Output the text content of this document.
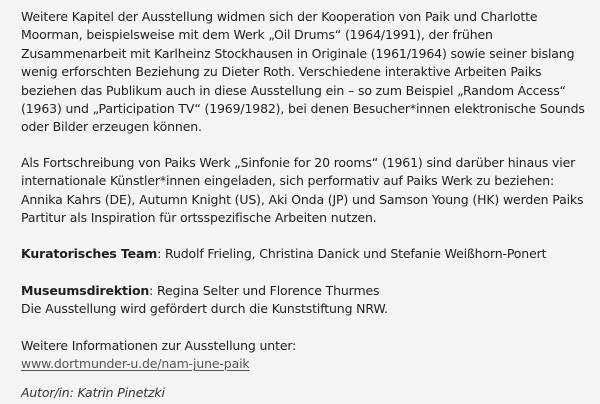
Weitere Kapitel der Ausstellung widmen sich der Kooperation von Paik und Charlotte Moorman, beispielsweise mit dem Werk „Oil Drums“ (1964/1991), der frühen Zusammenarbeit mit Karlheinz Stockhausen in Originale (1961/1964) sowie seiner bislang wenig erforschten Beziehung zu Dieter Roth. Verschiedene interaktive Arbeiten Paiks beziehen das Publikum auch in diese Ausstellung ein – so zum Beispiel „Random Access“ (1963) und „Participation TV“ (1969/1982), bei denen Besucher*innen elektronische Sounds oder Bilder erzeugen können.

Als Fortschreibung von Paiks Werk „Sinfonie for 20 rooms“ (1961) sind darüber hinaus vier internationale Künstler*innen eingeladen, sich performativ auf Paiks Werk zu beziehen: Annika Kahrs (DE), Autumn Knight (US), Aki Onda (JP) und Samson Young (HK) werden Paiks Partitur als Inspiration für ortsspezifische Arbeiten nutzen.

Kuratorisches Team: Rudolf Frieling, Christina Danick und Stefanie Weißhorn-Ponert

Museumsdirektion: Regina Selter und Florence Thurmes
Die Ausstellung wird gefördert durch die Kunststiftung NRW.

Weitere Informationen zur Ausstellung unter:
www.dortmunder-u.de/nam-june-paik

Autor/in: Katrin Pinetzki
